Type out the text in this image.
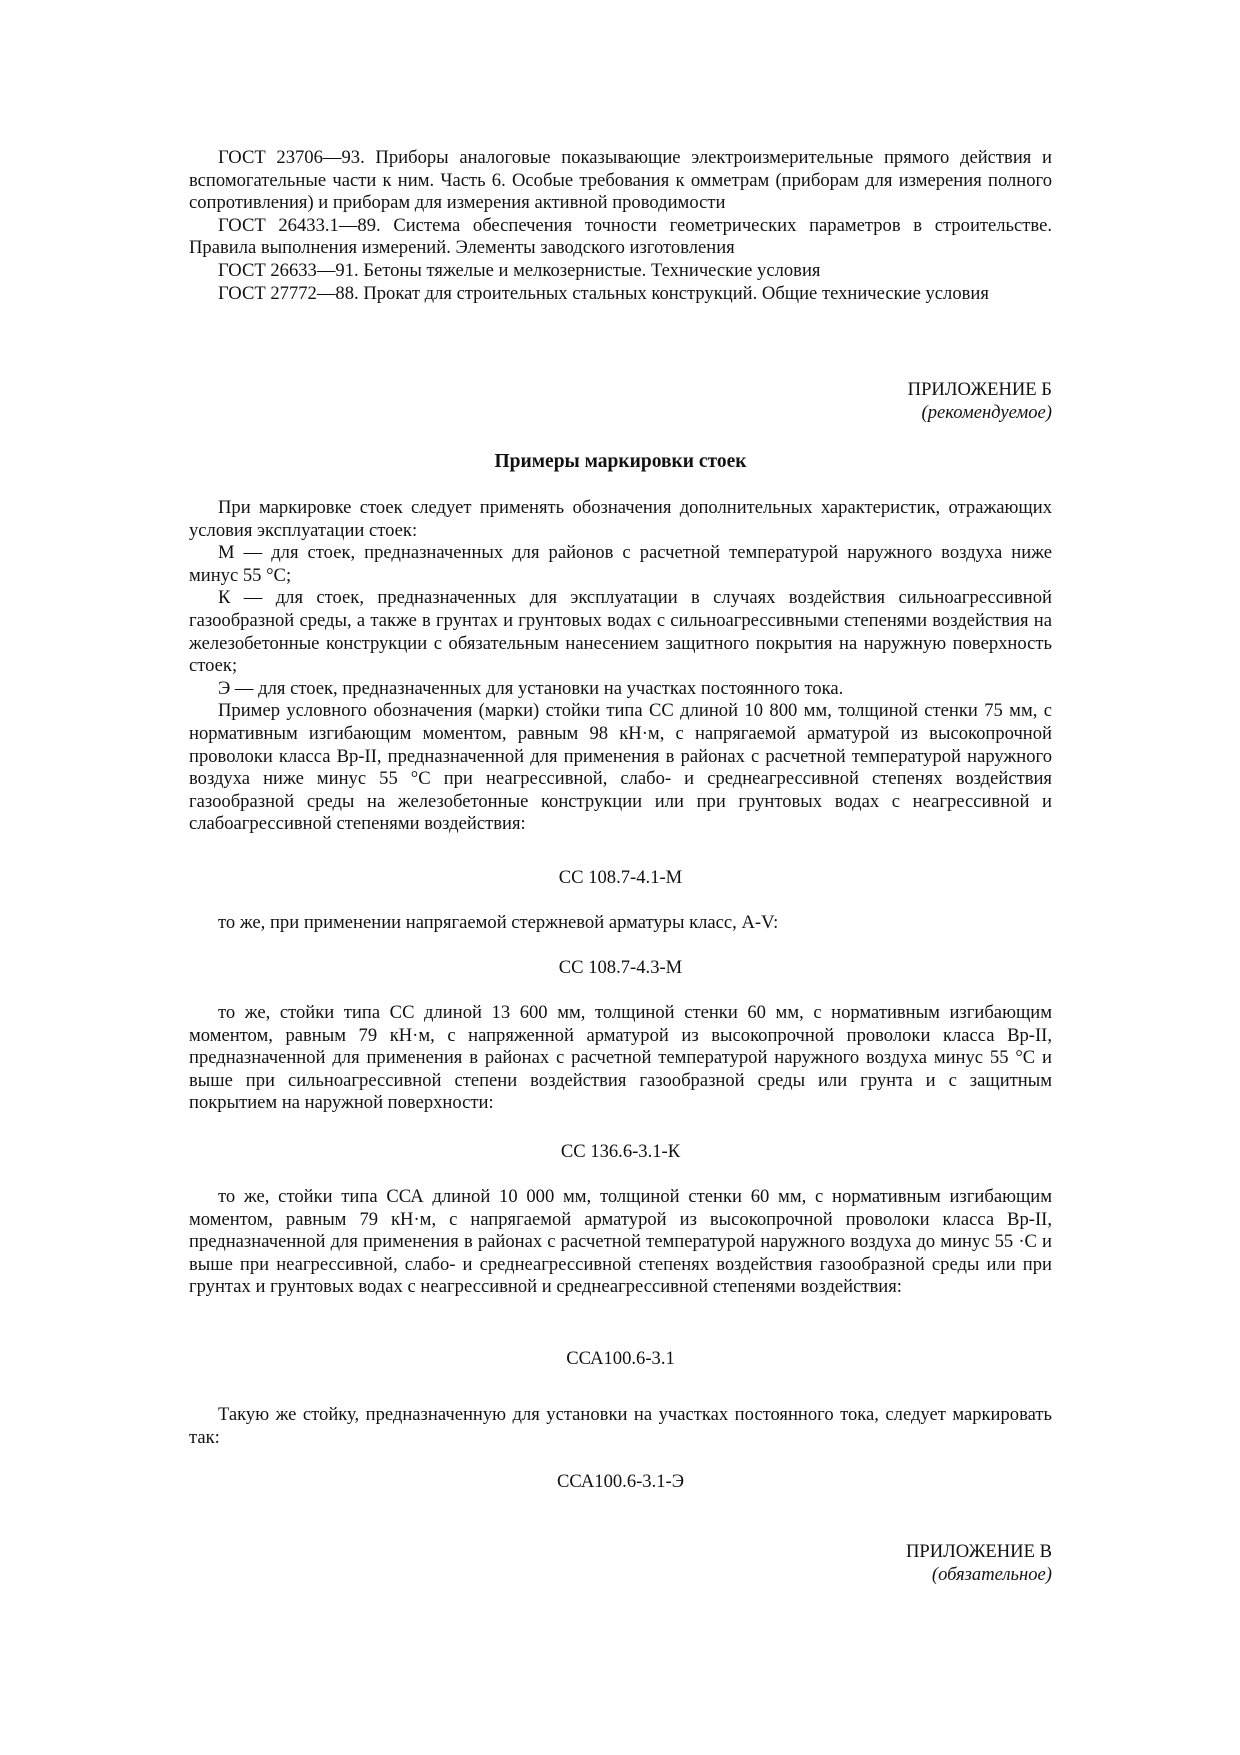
ГОСТ 23706—93. Приборы аналоговые показывающие электроизмерительные прямого действия и вспомогательные части к ним. Часть 6. Особые требования к омметрам (приборам для измерения полного сопротивления) и приборам для измерения активной проводимости

ГОСТ 26433.1—89. Система обеспечения точности геометрических параметров в строительстве. Правила выполнения измерений. Элементы заводского изготовления

ГОСТ 26633—91. Бетоны тяжелые и мелкозернистые. Технические условия

ГОСТ 27772—88. Прокат для строительных стальных конструкций. Общие технические условия

ПРИЛОЖЕНИЕ Б

(рекомендуемое)

Примеры маркировки стоек

При маркировке стоек следует применять обозначения дополнительных характеристик, отражающих условия эксплуатации стоек:

М — для стоек, предназначенных для районов с расчетной температурой наружного воздуха ниже минус 55 °С;

К — для стоек, предназначенных для эксплуатации в случаях воздействия сильноагрессивной газообразной среды, а также в грунтах и грунтовых водах с сильноагрессивными степенями воздействия на железобетонные конструкции с обязательным нанесением защитного покрытия на наружную поверхность стоек;

Э — для стоек, предназначенных для установки на участках постоянного тока.

Пример условного обозначения (марки) стойки типа СС длиной 10 800 мм, толщиной стенки 75 мм, с нормативным изгибающим моментом, равным 98 кН·м, с напрягаемой арматурой из высокопрочной проволоки класса Вр-II, предназначенной для применения в районах с расчетной температурой наружного воздуха ниже минус 55 °С при неагрессивной, слабо- и среднеагрессивной степенях воздействия газообразной среды на железобетонные конструкции или при грунтовых водах с неагрессивной и слабоагрессивной степенями воздействия:

СС 108.7-4.1-М

то же, при применении напрягаемой стержневой арматуры класс, А-V:

СС 108.7-4.3-М

то же, стойки типа СС длиной 13 600 мм, толщиной стенки 60 мм, с нормативным изгибающим моментом, равным 79 кН·м, с напряженной арматурой из высокопрочной проволоки класса Вр-II, предназначенной для применения в районах с расчетной температурой наружного воздуха минус 55 °С и выше при сильноагрессивной степени воздействия газообразной среды или грунта и с защитным покрытием на наружной поверхности:

СС 136.6-3.1-К

то же, стойки типа ССА длиной 10 000 мм, толщиной стенки 60 мм, с нормативным изгибающим моментом, равным 79 кН·м, с напрягаемой арматурой из высокопрочной проволоки класса Вр-II, предназначенной для применения в районах с расчетной температурой наружного воздуха до минус 55 ·С и выше при неагрессивной, слабо- и среднеагрессивной степенях воздействия газообразной среды или при грунтах и грунтовых водах с неагрессивной и среднеагрессивной степенями воздействия:

ССА100.6-3.1

Такую же стойку, предназначенную для установки на участках постоянного тока, следует маркировать так:

ССА100.6-3.1-Э

ПРИЛОЖЕНИЕ В

(обязательное)
